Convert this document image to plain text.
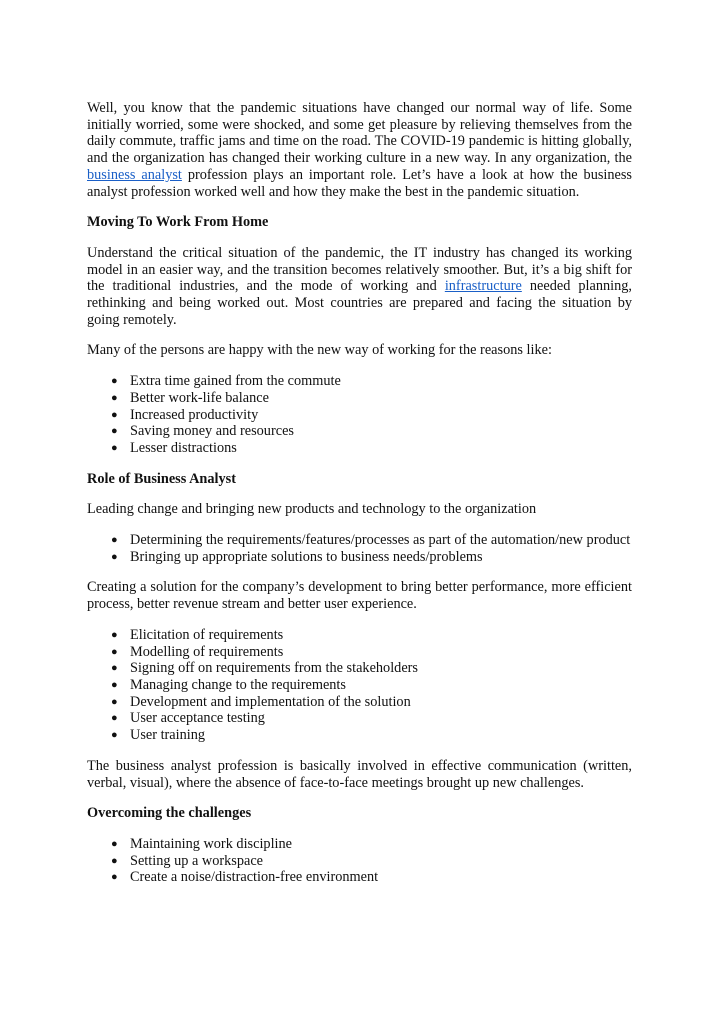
Well, you know that the pandemic situations have changed our normal way of life. Some initially worried, some were shocked, and some get pleasure by relieving themselves from the daily commute, traffic jams and time on the road. The COVID-19 pandemic is hitting globally, and the organization has changed their working culture in a new way. In any organization, the business analyst profession plays an important role. Let’s have a look at how the business analyst profession worked well and how they make the best in the pandemic situation.

Moving To Work From Home

Understand the critical situation of the pandemic, the IT industry has changed its working model in an easier way, and the transition becomes relatively smoother. But, it’s a big shift for the traditional industries, and the mode of working and infrastructure needed planning, rethinking and being worked out. Most countries are prepared and facing the situation by going remotely.

Many of the persons are happy with the new way of working for the reasons like:

● Extra time gained from the commute
● Better work-life balance
● Increased productivity
● Saving money and resources
● Lesser distractions
Role of Business Analyst

Leading change and bringing new products and technology to the organization

● Determining the requirements/features/processes as part of the automation/new product
● Bringing up appropriate solutions to business needs/problems

Creating a solution for the company’s development to bring better performance, more efficient process, better revenue stream and better user experience.

● Elicitation of requirements
● Modelling of requirements
● Signing off on requirements from the stakeholders
● Managing change to the requirements
● Development and implementation of the solution
● User acceptance testing
● User training

The business analyst profession is basically involved in effective communication (written, verbal, visual), where the absence of face-to-face meetings brought up new challenges.

Overcoming the challenges
● Maintaining work discipline
● Setting up a workspace
● Create a noise/distraction-free environment
